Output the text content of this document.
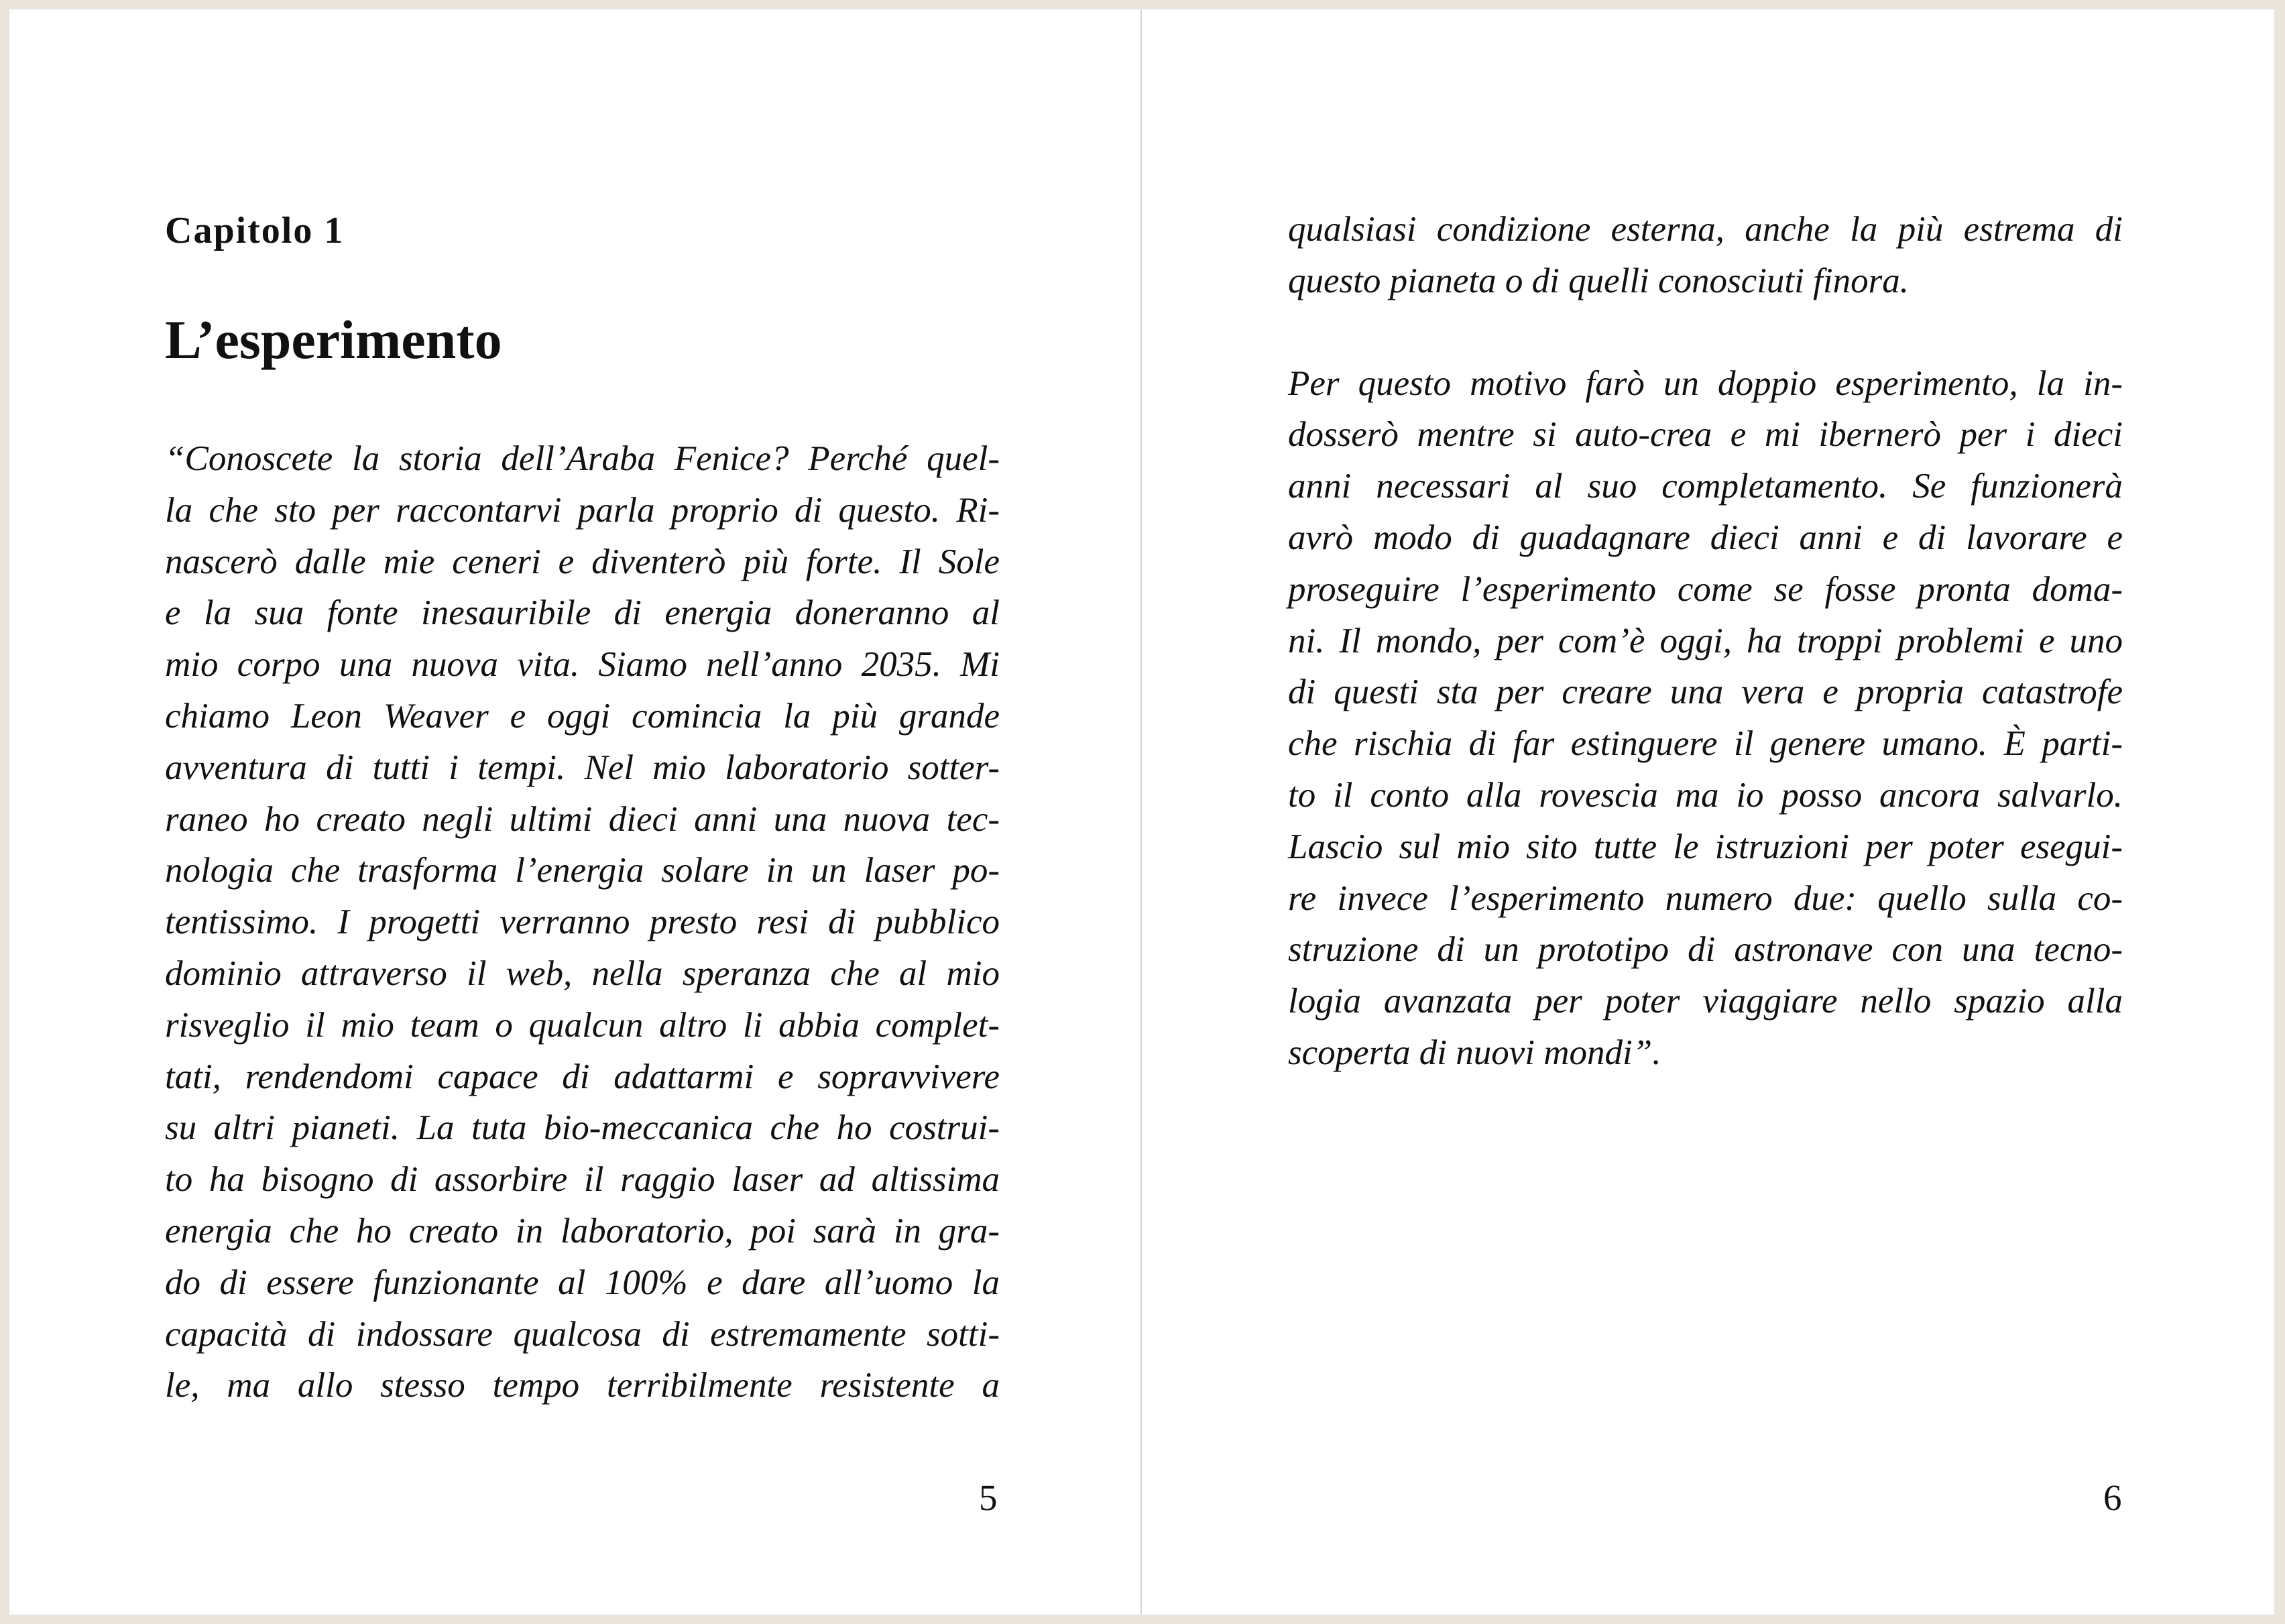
Capitolo 1
L’esperimento
“Conoscete la storia dell’Araba Fenice? Perché quel-
la che sto per raccontarvi parla proprio di questo. Ri-
nascerò dalle mie ceneri e diventerò più forte. Il Sole
e la sua fonte inesauribile di energia doneranno al
mio corpo una nuova vita. Siamo nell’anno 2035. Mi
chiamo Leon Weaver e oggi comincia la più grande
avventura di tutti i tempi. Nel mio laboratorio sotter-
raneo ho creato negli ultimi dieci anni una nuova tec-
nologia che trasforma l’energia solare in un laser po-
tentissimo. I progetti verranno presto resi di pubblico
dominio attraverso il web, nella speranza che al mio
risveglio il mio team o qualcun altro li abbia complet-
tati, rendendomi capace di adattarmi e sopravvivere
su altri pianeti. La tuta bio-meccanica che ho costrui-
to ha bisogno di assorbire il raggio laser ad altissima
energia che ho creato in laboratorio, poi sarà in gra-
do di essere funzionante al 100% e dare all’uomo la
capacità di indossare qualcosa di estremamente sotti-
le, ma allo stesso tempo terribilmente resistente a
5
qualsiasi condizione esterna, anche la più estrema di
questo pianeta o di quelli conosciuti finora.
Per questo motivo farò un doppio esperimento, la in-
dosserò mentre si auto-crea e mi ibernerò per i dieci
anni necessari al suo completamento. Se funzionerà
avrò modo di guadagnare dieci anni e di lavorare e
proseguire l’esperimento come se fosse pronta doma-
ni. Il mondo, per com’è oggi, ha troppi problemi e uno
di questi sta per creare una vera e propria catastrofe
che rischia di far estinguere il genere umano. È parti-
to il conto alla rovescia ma io posso ancora salvarlo.
Lascio sul mio sito tutte le istruzioni per poter esegui-
re invece l’esperimento numero due: quello sulla co-
struzione di un prototipo di astronave con una tecno-
logia avanzata per poter viaggiare nello spazio alla
scoperta di nuovi mondi”.
6
